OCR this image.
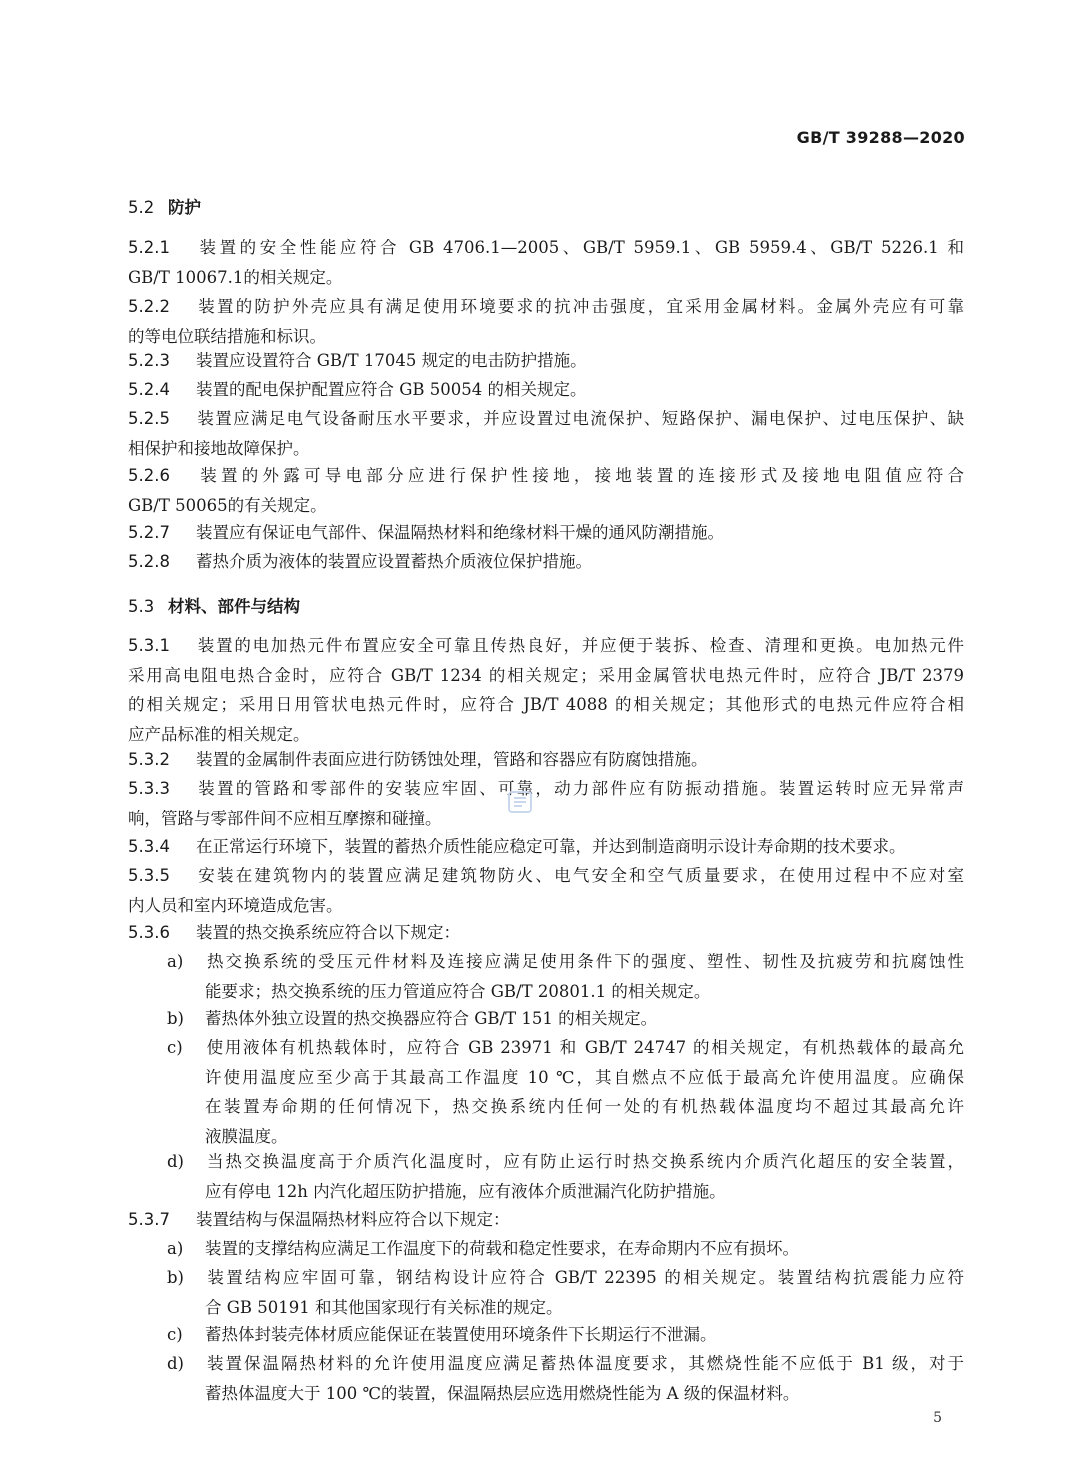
GB/T 39288—2020
5.2 防护
5.2.1 装置的安全性能应符合 GB 4706.1—2005、GB/T 5959.1、GB 5959.4、GB/T 5226.1 和
GB/T 10067.1的相关规定。
5.2.2 装置的防护外壳应具有满足使用环境要求的抗冲击强度，宜采用金属材料。金属外壳应有可靠
的等电位联结措施和标识。
5.2.3 装置应设置符合 GB/T 17045 规定的电击防护措施。
5.2.4 装置的配电保护配置应符合 GB 50054 的相关规定。
5.2.5 装置应满足电气设备耐压水平要求，并应设置过电流保护、短路保护、漏电保护、过电压保护、缺
相保护和接地故障保护。
5.2.6 装置的外露可导电部分应进行保护性接地，接地装置的连接形式及接地电阻值应符合
GB/T 50065的有关规定。
5.2.7 装置应有保证电气部件、保温隔热材料和绝缘材料干燥的通风防潮措施。
5.2.8 蓄热介质为液体的装置应设置蓄热介质液位保护措施。
5.3 材料、部件与结构
5.3.1 装置的电加热元件布置应安全可靠且传热良好，并应便于装拆、检查、清理和更换。电加热元件
采用高电阻电热合金时，应符合 GB/T 1234 的相关规定；采用金属管状电热元件时，应符合 JB/T 2379
的相关规定；采用日用管状电热元件时，应符合 JB/T 4088 的相关规定；其他形式的电热元件应符合相
应产品标准的相关规定。
5.3.2 装置的金属制件表面应进行防锈蚀处理，管路和容器应有防腐蚀措施。
5.3.3 装置的管路和零部件的安装应牢固、可靠，动力部件应有防振动措施。装置运转时应无异常声
响，管路与零部件间不应相互摩擦和碰撞。
5.3.4 在正常运行环境下，装置的蓄热介质性能应稳定可靠，并达到制造商明示设计寿命期的技术要求。
5.3.5 安装在建筑物内的装置应满足建筑物防火、电气安全和空气质量要求，在使用过程中不应对室
内人员和室内环境造成危害。
5.3.6 装置的热交换系统应符合以下规定：
a) 热交换系统的受压元件材料及连接应满足使用条件下的强度、塑性、韧性及抗疲劳和抗腐蚀性
能要求；热交换系统的压力管道应符合 GB/T 20801.1 的相关规定。
b) 蓄热体外独立设置的热交换器应符合 GB/T 151 的相关规定。
c) 使用液体有机热载体时，应符合 GB 23971 和 GB/T 24747 的相关规定，有机热载体的最高允
许使用温度应至少高于其最高工作温度 10 ℃，其自燃点不应低于最高允许使用温度。应确保
在装置寿命期的任何情况下，热交换系统内任何一处的有机热载体温度均不超过其最高允许
液膜温度。
d) 当热交换温度高于介质汽化温度时，应有防止运行时热交换系统内介质汽化超压的安全装置，
应有停电 12h 内汽化超压防护措施，应有液体介质泄漏汽化防护措施。
5.3.7 装置结构与保温隔热材料应符合以下规定：
a) 装置的支撑结构应满足工作温度下的荷载和稳定性要求，在寿命期内不应有损坏。
b) 装置结构应牢固可靠，钢结构设计应符合 GB/T 22395 的相关规定。装置结构抗震能力应符
合 GB 50191 和其他国家现行有关标准的规定。
c) 蓄热体封装壳体材质应能保证在装置使用环境条件下长期运行不泄漏。
d) 装置保温隔热材料的允许使用温度应满足蓄热体温度要求，其燃烧性能不应低于 B1 级，对于
蓄热体温度大于 100 ℃的装置，保温隔热层应选用燃烧性能为 A 级的保温材料。
5
